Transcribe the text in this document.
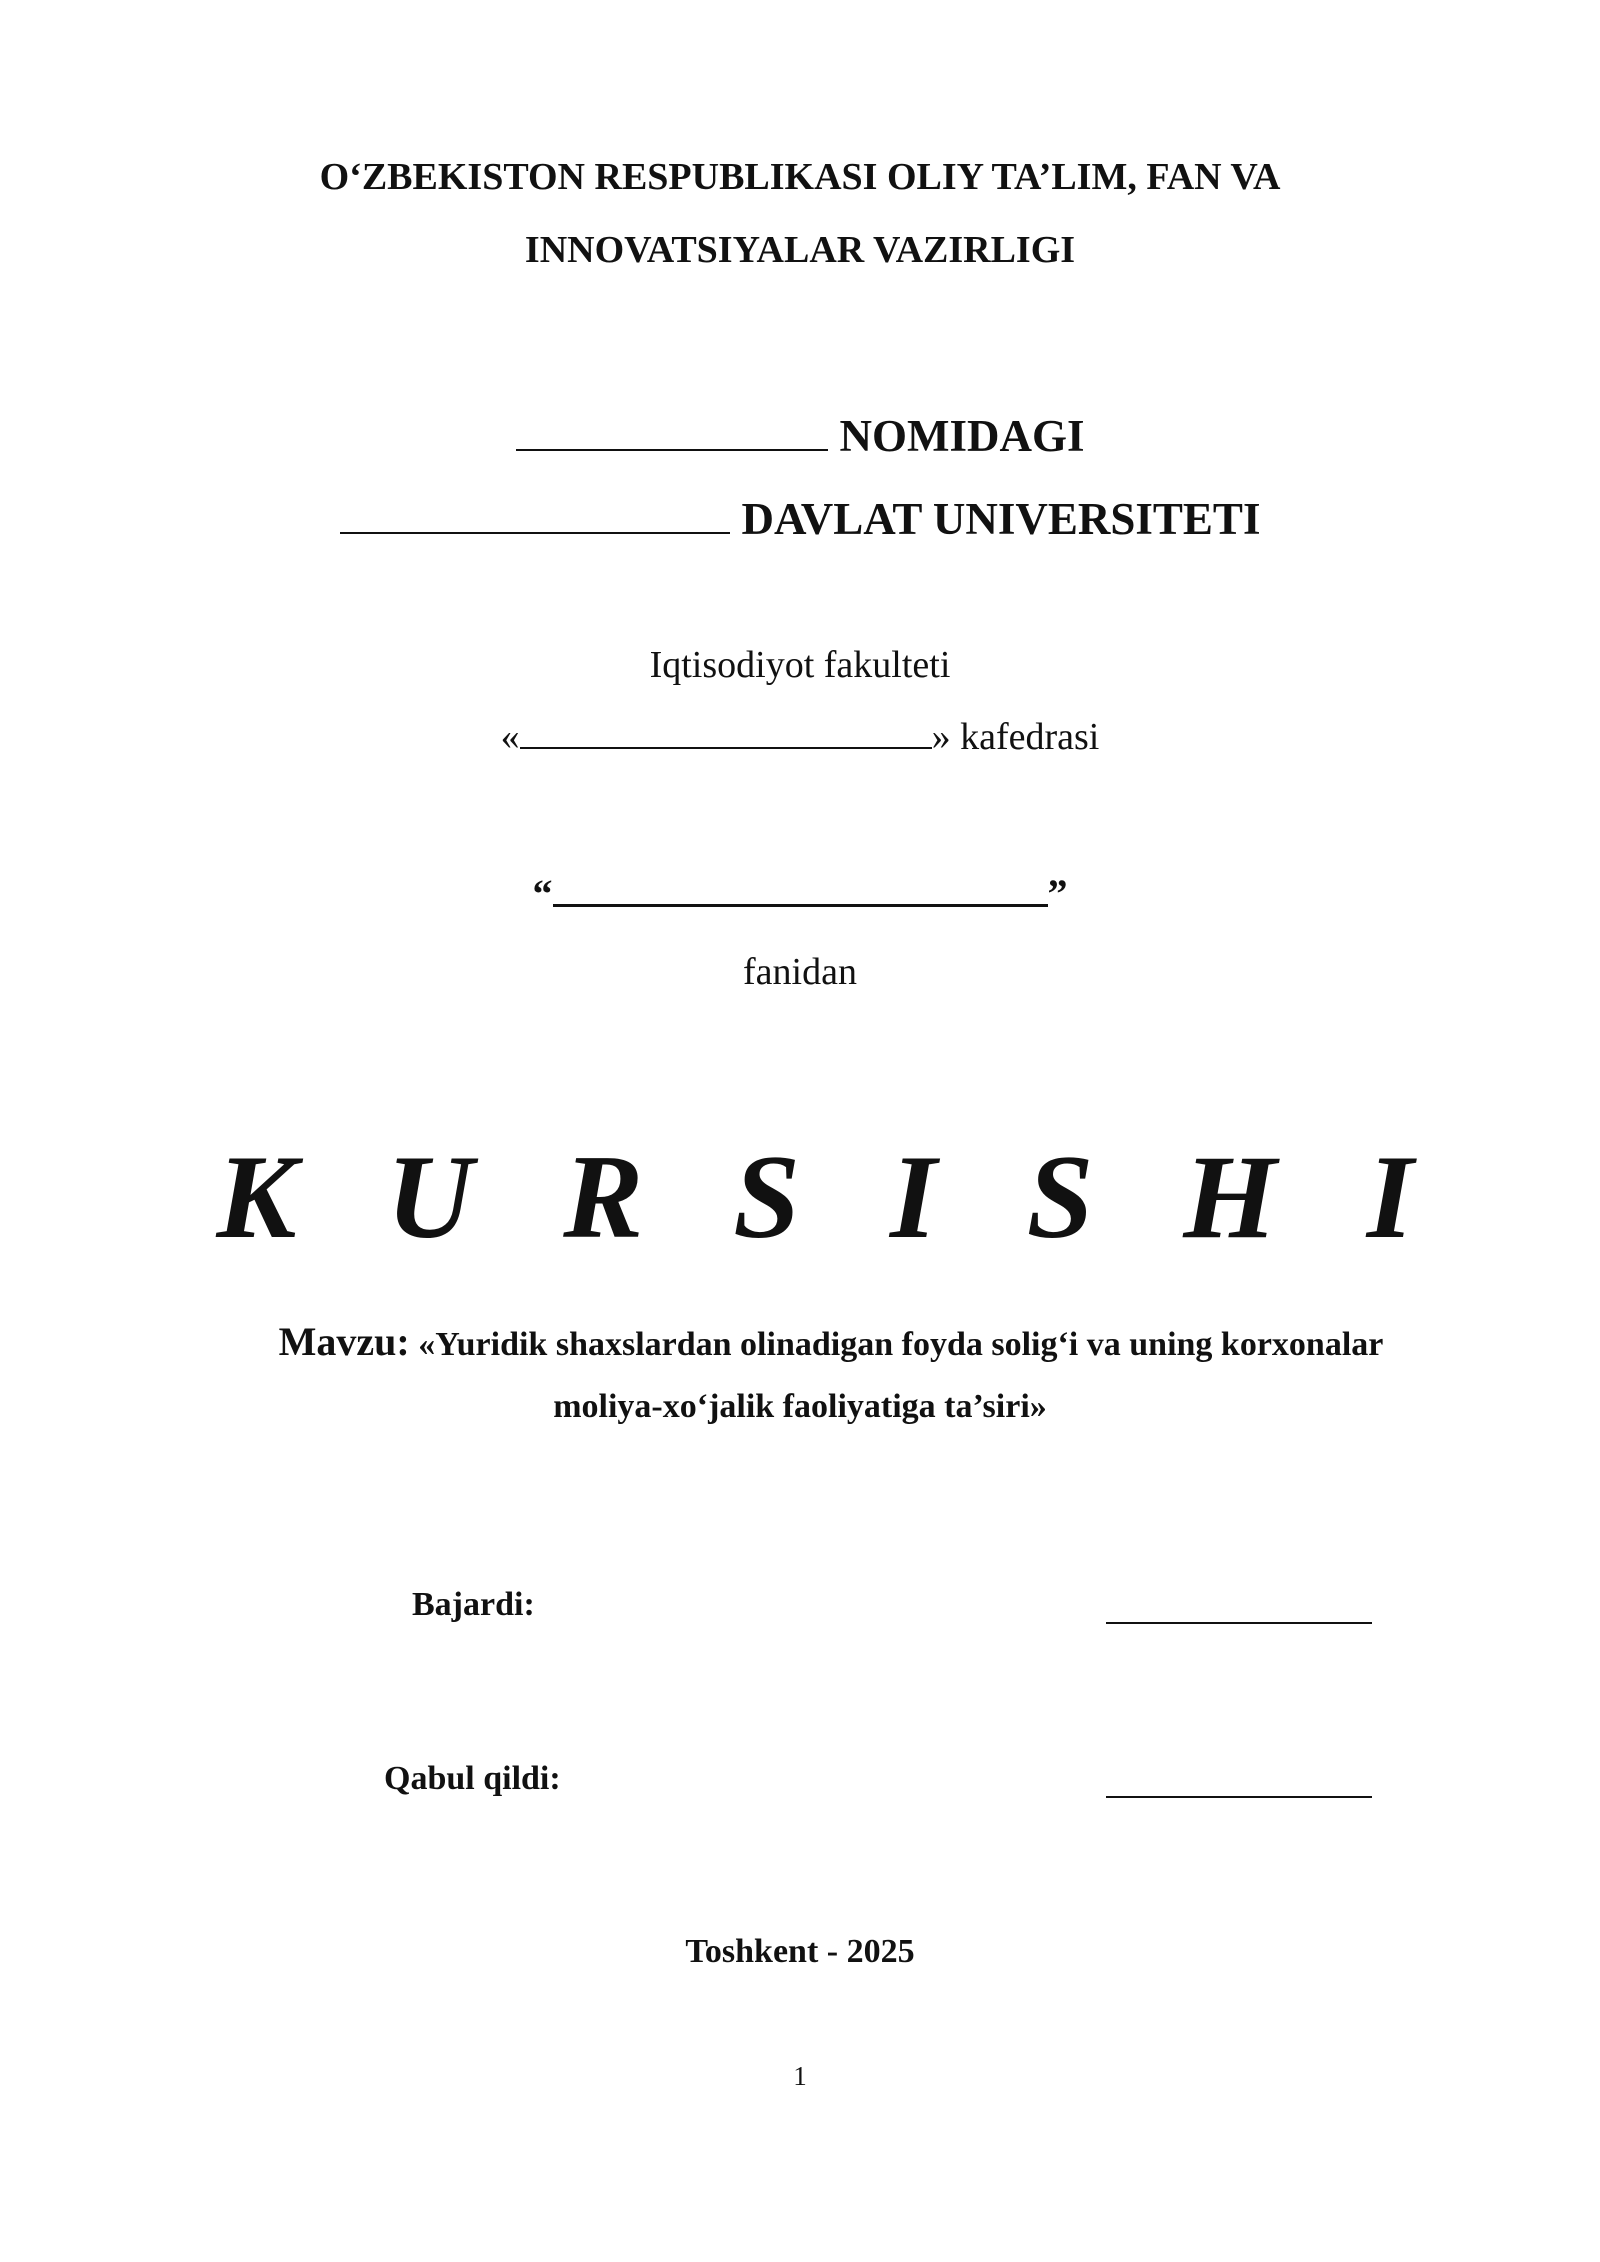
O‘ZBEKISTON RESPUBLIKASI OLIY TA’LIM, FAN VA
INNOVATSIYALAR VAZIRLIGI
NOMIDAGI
DAVLAT UNIVERSITETI
Iqtisodiyot fakulteti
«	» kafedrasi
“	”
fanidan
K U R S I S H I
Mavzu: «Yuridik shaxslardan olinadigan foyda solig‘i va uning korxonalar
moliya-xo‘jalik faoliyatiga ta’siri»
Bajardi:
Qabul qildi:
Toshkent - 2025
1
